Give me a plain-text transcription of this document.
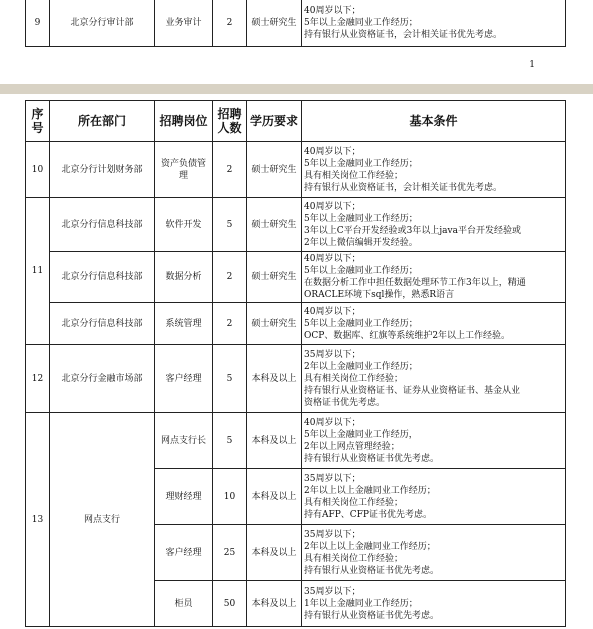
9	北京分行审计部	业务审计	2	硕士研究生	
40周岁以下；
5年以上金融同业工作经历；
持有银行从业资格证书，会计相关证书优先考虑。
1
序号	所在部门	招聘岗位	招聘人数	学历要求	基本条件
10	北京分行计划财务部	资产负债管理	2	硕士研究生	40周岁以下；
5年以上金融同业工作经历；
具有相关岗位工作经验；
持有银行从业资格证书，会计相关证书优先考虑。

11	北京分行信息科技部	软件开发	5	硕士研究生	40周岁以下；
5年以上金融同业工作经历；
3年以上C平台开发经验或3年以上java平台开发经验或
2年以上微信编辑开发经验。

	北京分行信息科技部	数据分析	2	硕士研究生	40周岁以下；
5年以上金融同业工作经历；
在数据分析工作中担任数据处理环节工作3年以上，精通
ORACLE环境下sql操作，熟悉R语言

	北京分行信息科技部	系统管理	2	硕士研究生	40周岁以下；
5年以上金融同业工作经历；
OCP、数据库、红旗等系统维护2年以上工作经验。

12	北京分行金融市场部	客户经理	5	本科及以上	35周岁以下；
2年以上金融同业工作经历；
具有相关岗位工作经验；
持有银行从业资格证书、证券从业资格证书、基金从业
资格证书优先考虑。

13	网点支行	网点支行长	5	本科及以上	40周岁以下；
5年以上金融同业工作经历，
2年以上网点管理经验；
持有银行从业资格证书优先考虑。

		理财经理	10	本科及以上	35周岁以下；
2年以上以上金融同业工作经历；
具有相关岗位工作经验；
持有AFP、CFP证书优先考虑。

		客户经理	25	本科及以上	35周岁以下；
2年以上以上金融同业工作经历；
具有相关岗位工作经验；
持有银行从业资格证书优先考虑。

		柜员	50	本科及以上	35周岁以下；
1年以上金融同业工作经历；
持有银行从业资格证书优先考虑。
